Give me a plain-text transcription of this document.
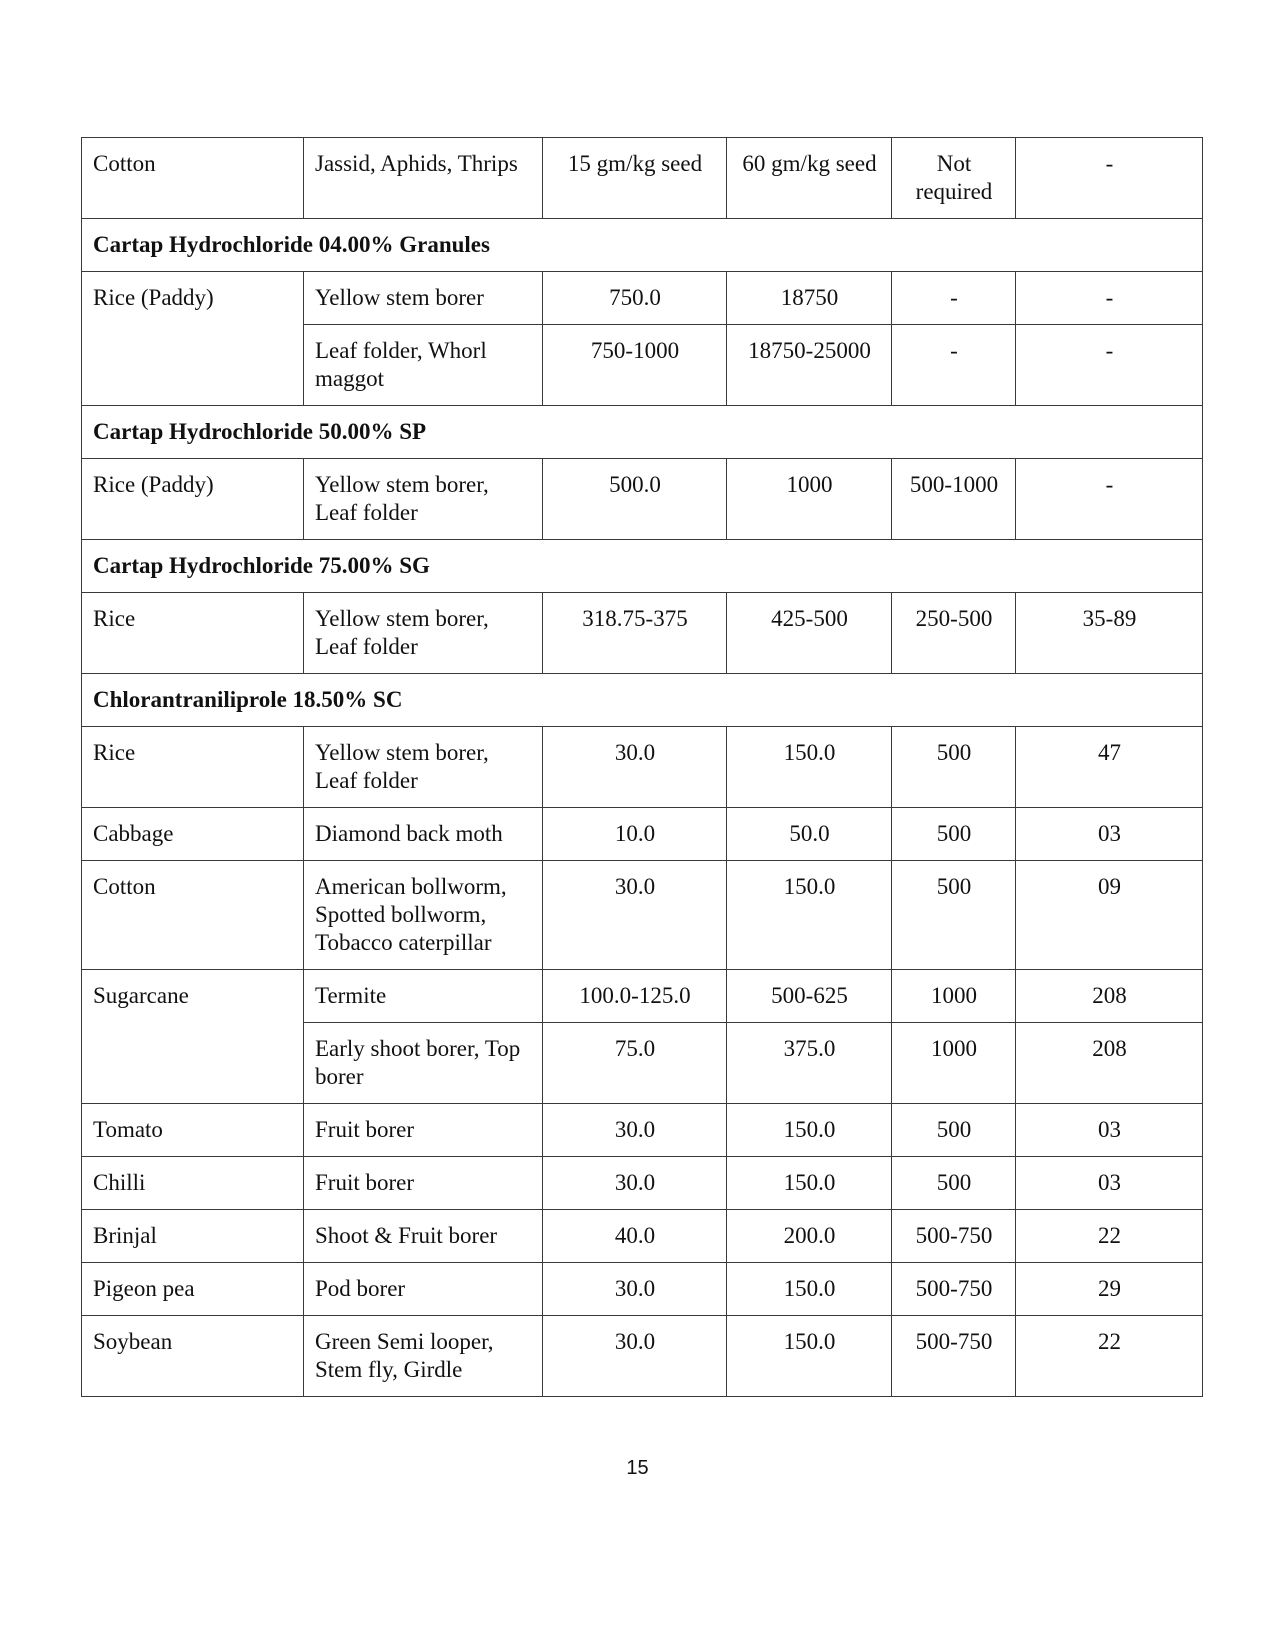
Cotton	Jassid, Aphids, Thrips	15 gm/kg seed	60 gm/kg seed	Not required	-
Cartap Hydrochloride 04.00% Granules					
Rice (Paddy)	Yellow stem borer	750.0	18750	-	-
	Leaf folder, Whorl maggot	750-1000	18750-25000	-	-
Cartap Hydrochloride 50.00% SP					
Rice (Paddy)	Yellow stem borer, Leaf folder	500.0	1000	500-1000	-
Cartap Hydrochloride 75.00% SG					
Rice	Yellow stem borer, Leaf folder	318.75-375	425-500	250-500	35-89
Chlorantraniliprole 18.50% SC					
Rice	Yellow stem borer, Leaf folder	30.0	150.0	500	47
Cabbage	Diamond back moth	10.0	50.0	500	03
Cotton	American bollworm, Spotted bollworm, Tobacco caterpillar	30.0	150.0	500	09
Sugarcane	Termite	100.0-125.0	500-625	1000	208
	Early shoot borer, Top borer	75.0	375.0	1000	208
Tomato	Fruit borer	30.0	150.0	500	03
Chilli	Fruit borer	30.0	150.0	500	03
Brinjal	Shoot & Fruit borer	40.0	200.0	500-750	22
Pigeon pea	Pod borer	30.0	150.0	500-750	29
Soybean	Green Semi looper, Stem fly, Girdle	30.0	150.0	500-750	22
15
